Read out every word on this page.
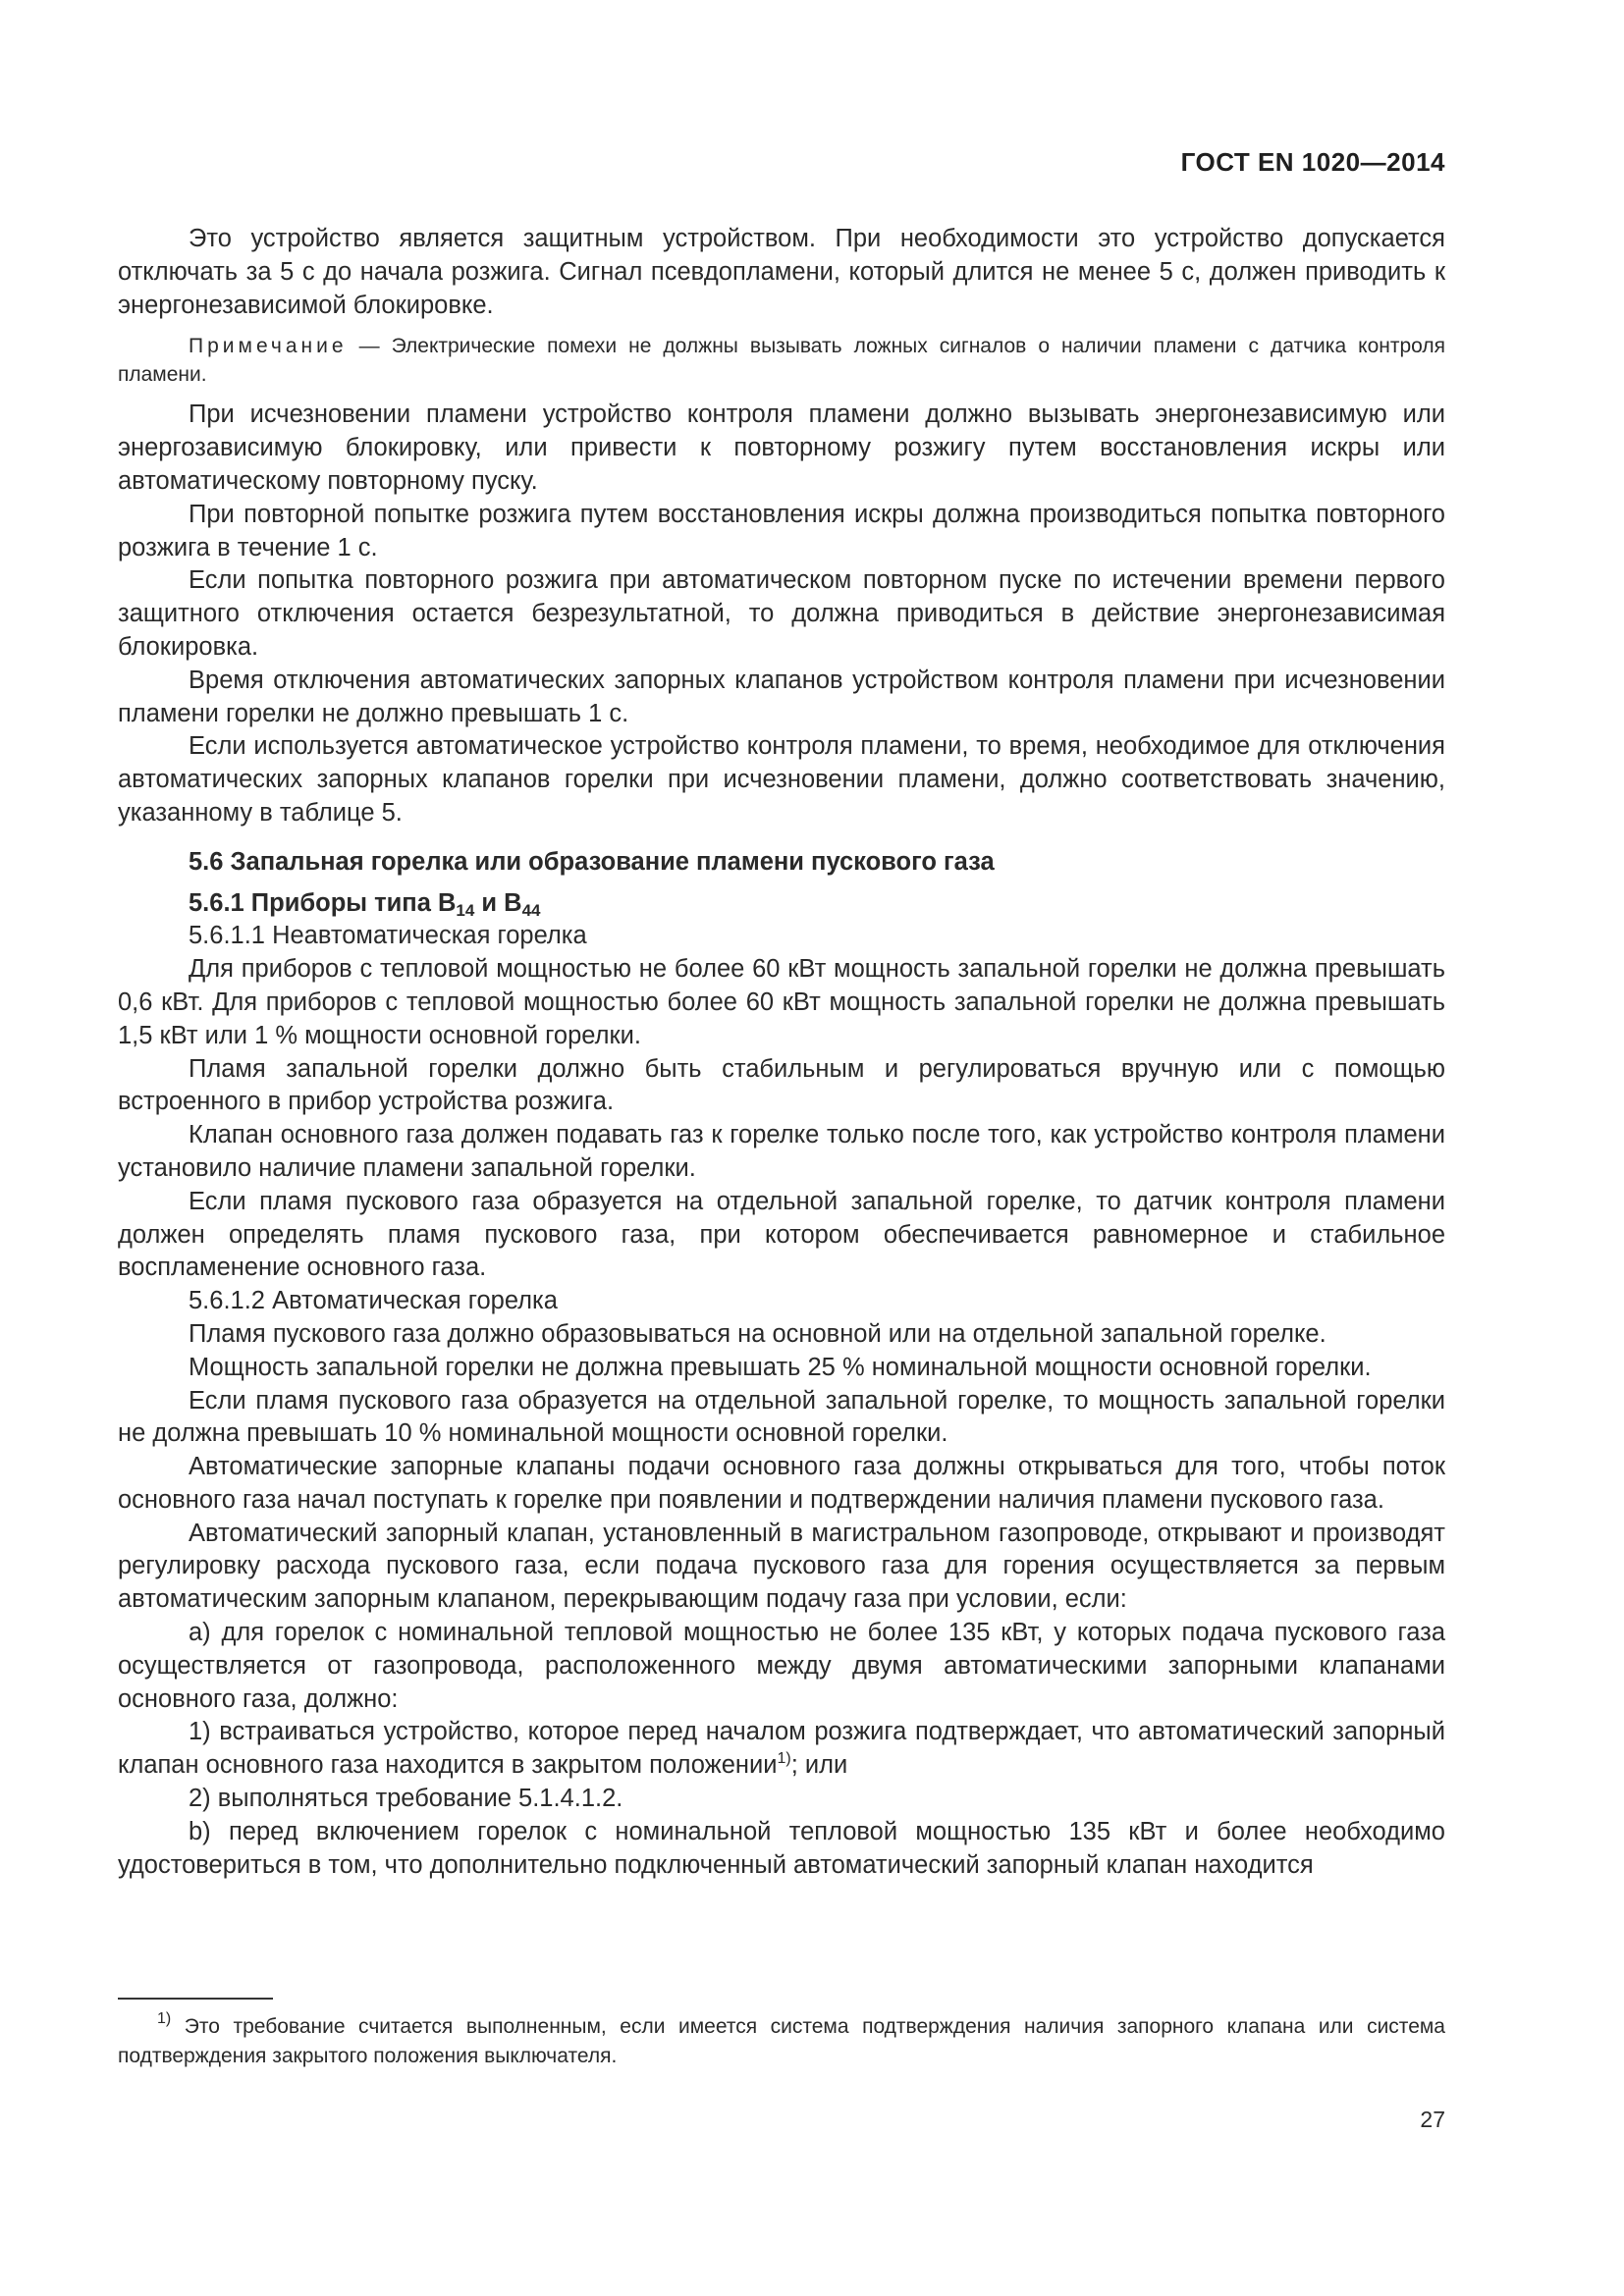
ГОСТ EN 1020—2014

Это устройство является защитным устройством. При необходимости это устройство допускается отключать за 5 с до начала розжига. Сигнал псевдопламени, который длится не менее 5 с, должен приводить к энергонезависимой блокировке.

Примечание — Электрические помехи не должны вызывать ложных сигналов о наличии пламени с датчика контроля пламени.

При исчезновении пламени устройство контроля пламени должно вызывать энергонезависимую или энергозависимую блокировку, или привести к повторному розжигу путем восстановления искры или автоматическому повторному пуску.

При повторной попытке розжига путем восстановления искры должна производиться попытка повторного розжига в течение 1 с.

Если попытка повторного розжига при автоматическом повторном пуске по истечении времени первого защитного отключения остается безрезультатной, то должна приводиться в действие энергонезависимая блокировка.

Время отключения автоматических запорных клапанов устройством контроля пламени при исчезновении пламени горелки не должно превышать 1 с.

Если используется автоматическое устройство контроля пламени, то время, необходимое для отключения автоматических запорных клапанов горелки при исчезновении пламени, должно соответствовать значению, указанному в таблице 5.

5.6 Запальная горелка или образование пламени пускового газа

5.6.1 Приборы типа $B_{14}$ и $B_{44}$

5.6.1.1 Неавтоматическая горелка

Для приборов с тепловой мощностью не более 60 кВт мощность запальной горелки не должна превышать 0,6 кВт. Для приборов с тепловой мощностью более 60 кВт мощность запальной горелки не должна превышать 1,5 кВт или 1 % мощности основной горелки.

Пламя запальной горелки должно быть стабильным и регулироваться вручную или с помощью встроенного в прибор устройства розжига.

Клапан основного газа должен подавать газ к горелке только после того, как устройство контроля пламени установило наличие пламени запальной горелки.

Если пламя пускового газа образуется на отдельной запальной горелке, то датчик контроля пламени должен определять пламя пускового газа, при котором обеспечивается равномерное и стабильное воспламенение основного газа.

5.6.1.2 Автоматическая горелка

Пламя пускового газа должно образовываться на основной или на отдельной запальной горелке.

Мощность запальной горелки не должна превышать 25 % номинальной мощности основной горелки.

Если пламя пускового газа образуется на отдельной запальной горелке, то мощность запальной горелки не должна превышать 10 % номинальной мощности основной горелки.

Автоматические запорные клапаны подачи основного газа должны открываться для того, чтобы поток основного газа начал поступать к горелке при появлении и подтверждении наличия пламени пускового газа.

Автоматический запорный клапан, установленный в магистральном газопроводе, открывают и производят регулировку расхода пускового газа, если подача пускового газа для горения осуществляется за первым автоматическим запорным клапаном, перекрывающим подачу газа при условии, если:

a) для горелок с номинальной тепловой мощностью не более 135 кВт, у которых подача пускового газа осуществляется от газопровода, расположенного между двумя автоматическими запорными клапанами основного газа, должно:

1) встраиваться устройство, которое перед началом розжига подтверждает, что автоматический запорный клапан основного газа находится в закрытом положении$^{1)}$; или

2) выполняться требование 5.1.4.1.2.

b) перед включением горелок с номинальной тепловой мощностью 135 кВт и более необходимо удостовериться в том, что дополнительно подключенный автоматический запорный клапан находится

$^{1)}$ Это требование считается выполненным, если имеется система подтверждения наличия запорного клапана или система подтверждения закрытого положения выключателя.
27
